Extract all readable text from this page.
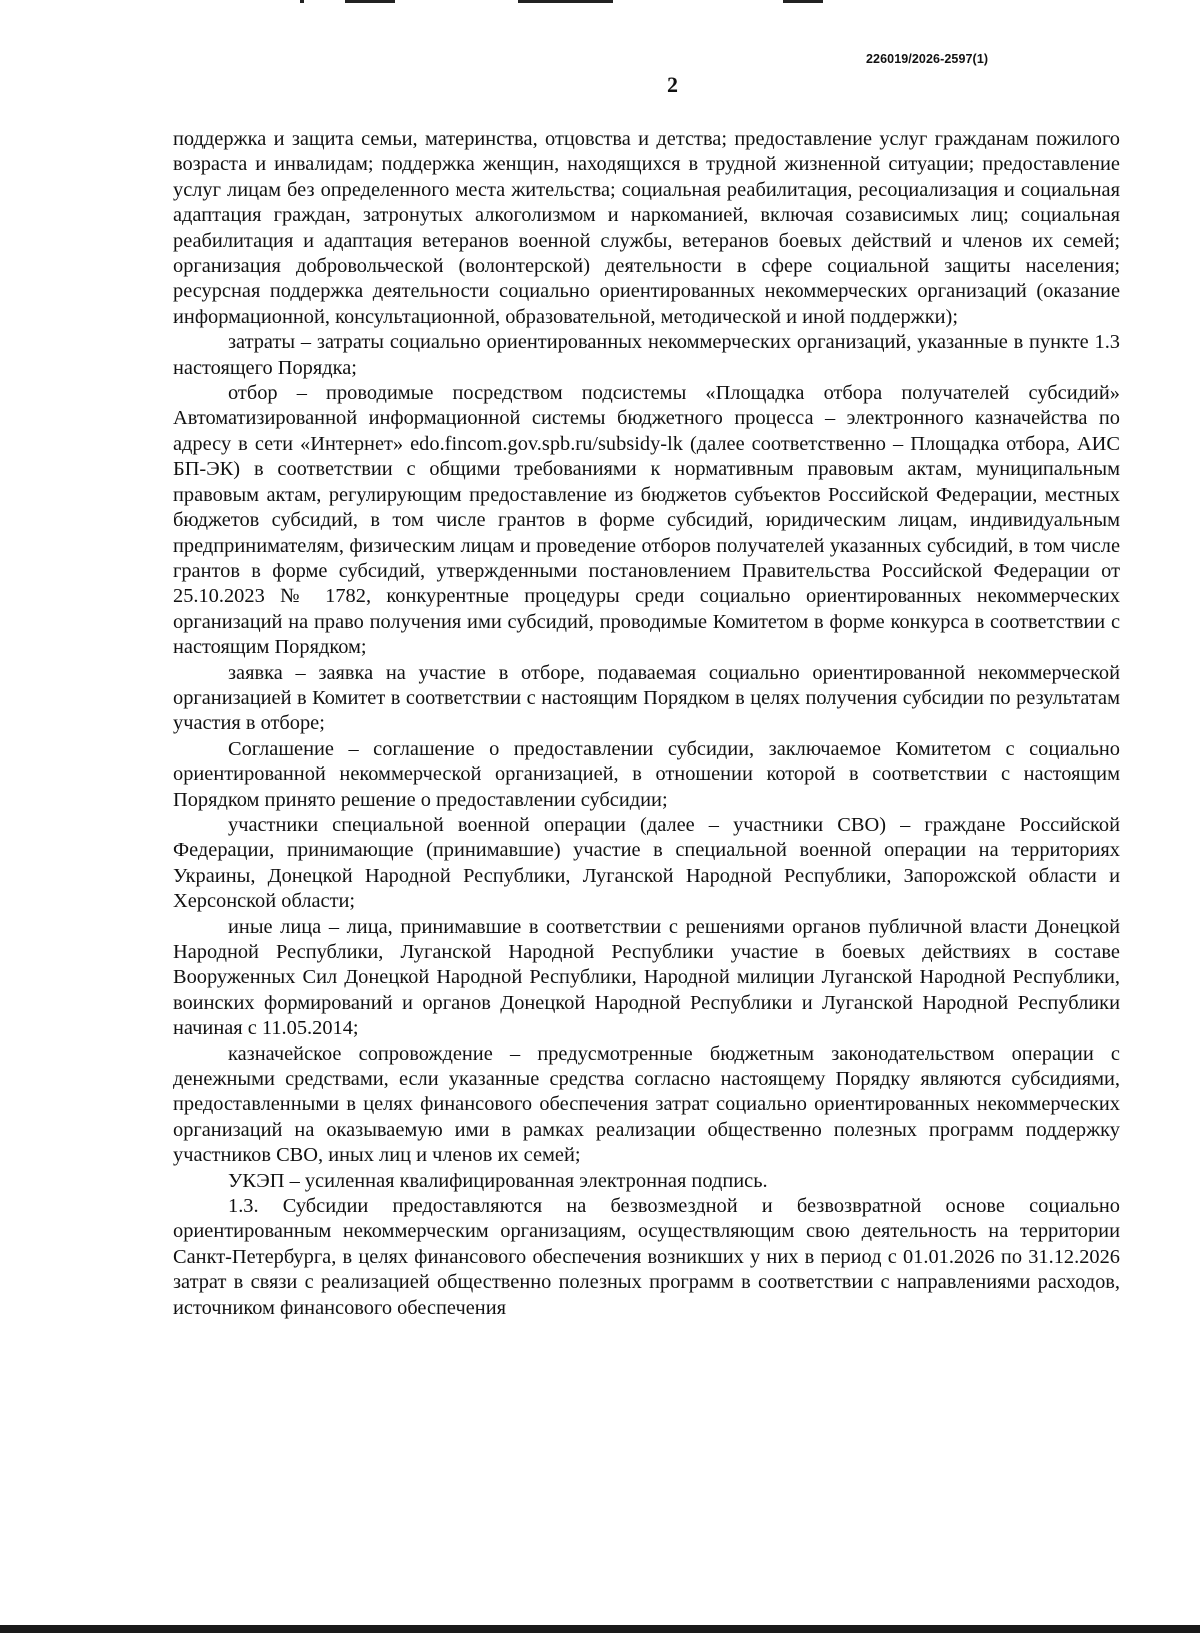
226019/2026-2597(1)
2

поддержка и защита семьи, материнства, отцовства и детства; предоставление услуг гражданам пожилого возраста и инвалидам; поддержка женщин, находящихся в трудной жизненной ситуации; предоставление услуг лицам без определенного места жительства; социальная реабилитация, ресоциализация и социальная адаптация граждан, затронутых алкоголизмом и наркоманией, включая созависимых лиц; социальная реабилитация и адаптация ветеранов военной службы, ветеранов боевых действий и членов их семей; организация добровольческой (волонтерской) деятельности в сфере социальной защиты населения; ресурсная поддержка деятельности социально ориентированных некоммерческих организаций (оказание информационной, консультационной, образовательной, методической и иной поддержки);

затраты – затраты социально ориентированных некоммерческих организаций, указанные в пункте 1.3 настоящего Порядка;

отбор – проводимые посредством подсистемы «Площадка отбора получателей субсидий» Автоматизированной информационной системы бюджетного процесса – электронного казначейства по адресу в сети «Интернет» edo.fincom.gov.spb.ru/subsidy-lk (далее соответственно – Площадка отбора, АИС БП-ЭК) в соответствии с общими требованиями к нормативным правовым актам, муниципальным правовым актам, регулирующим предоставление из бюджетов субъектов Российской Федерации, местных бюджетов субсидий, в том числе грантов в форме субсидий, юридическим лицам, индивидуальным предпринимателям, физическим лицам и проведение отборов получателей указанных субсидий, в том числе грантов в форме субсидий, утвержденными постановлением Правительства Российской Федерации от 25.10.2023 № 1782, конкурентные процедуры среди социально ориентированных некоммерческих организаций на право получения ими субсидий, проводимые Комитетом в форме конкурса в соответствии с настоящим Порядком;

заявка – заявка на участие в отборе, подаваемая социально ориентированной некоммерческой организацией в Комитет в соответствии с настоящим Порядком в целях получения субсидии по результатам участия в отборе;

Соглашение – соглашение о предоставлении субсидии, заключаемое Комитетом с социально ориентированной некоммерческой организацией, в отношении которой в соответствии с настоящим Порядком принято решение о предоставлении субсидии;

участники специальной военной операции (далее – участники СВО) – граждане Российской Федерации, принимающие (принимавшие) участие в специальной военной операции на территориях Украины, Донецкой Народной Республики, Луганской Народной Республики, Запорожской области и Херсонской области;

иные лица – лица, принимавшие в соответствии с решениями органов публичной власти Донецкой Народной Республики, Луганской Народной Республики участие в боевых действиях в составе Вооруженных Сил Донецкой Народной Республики, Народной милиции Луганской Народной Республики, воинских формирований и органов Донецкой Народной Республики и Луганской Народной Республики начиная с 11.05.2014;

казначейское сопровождение – предусмотренные бюджетным законодательством операции с денежными средствами, если указанные средства согласно настоящему Порядку являются субсидиями, предоставленными в целях финансового обеспечения затрат социально ориентированных некоммерческих организаций на оказываемую ими в рамках реализации общественно полезных программ поддержку участников СВО, иных лиц и членов их семей;

УКЭП – усиленная квалифицированная электронная подпись.

1.3. Субсидии предоставляются на безвозмездной и безвозвратной основе социально ориентированным некоммерческим организациям, осуществляющим свою деятельность на территории Санкт-Петербурга, в целях финансового обеспечения возникших у них в период с 01.01.2026 по 31.12.2026 затрат в связи с реализацией общественно полезных программ в соответствии с направлениями расходов, источником финансового обеспечения
